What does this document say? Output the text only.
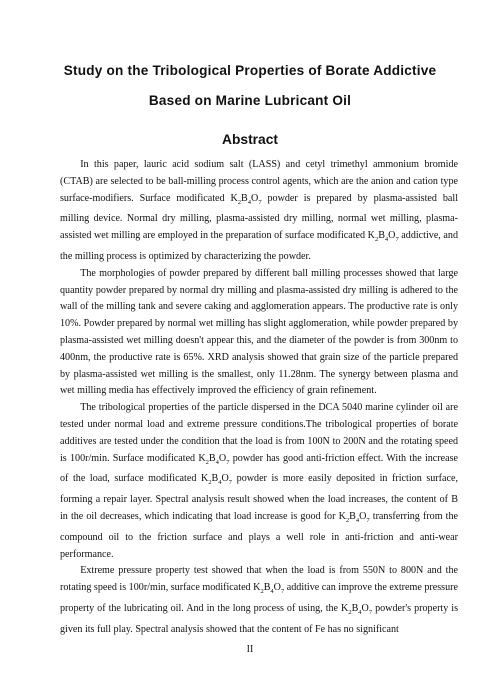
Study on the Tribological Properties of Borate Addictive
Based on Marine Lubricant Oil
Abstract

In this paper, lauric acid sodium salt (LASS) and cetyl trimethyl ammonium bromide (CTAB) are selected to be ball-milling process control agents, which are the anion and cation type surface-modifiers. Surface modificated $K_2B_4O_7$ powder is prepared by plasma-assisted ball milling device. Normal dry milling, plasma-assisted dry milling, normal wet milling, plasma-assisted wet milling are employed in the preparation of surface modificated $K_2B_4O_7$ addictive, and the milling process is optimized by characterizing the powder.

The morphologies of powder prepared by different ball milling processes showed that large quantity powder prepared by normal dry milling and plasma-assisted dry milling is adhered to the wall of the milling tank and severe caking and agglomeration appears. The productive rate is only 10%. Powder prepared by normal wet milling has slight agglomeration, while powder prepared by plasma-assisted wet milling doesn't appear this, and the diameter of the powder is from 300nm to 400nm, the productive rate is 65%. XRD analysis showed that grain size of the particle prepared by plasma-assisted wet milling is the smallest, only 11.28nm. The synergy between plasma and wet milling media has effectively improved the efficiency of grain refinement.

The tribological properties of the particle dispersed in the DCA 5040 marine cylinder oil are tested under normal load and extreme pressure conditions.The tribological properties of borate additives are tested under the condition that the load is from 100N to 200N and the rotating speed is 100r/min. Surface modificated $K_2B_4O_7$ powder has good anti-friction effect. With the increase of the load, surface modificated $K_2B_4O_7$ powder is more easily deposited in friction surface, forming a repair layer. Spectral analysis result showed when the load increases, the content of B in the oil decreases, which indicating that load increase is good for $K_2B_4O_7$ transferring from the compound oil to the friction surface and plays a well role in anti-friction and anti-wear performance.

Extreme pressure property test showed that when the load is from 550N to 800N and the rotating speed is 100r/min, surface modificated $K_2B_4O_7$ additive can improve the extreme pressure property of the lubricating oil. And in the long process of using, the $K_2B_4O_7$ powder's property is given its full play. Spectral analysis showed that the content of Fe has no significant

II
